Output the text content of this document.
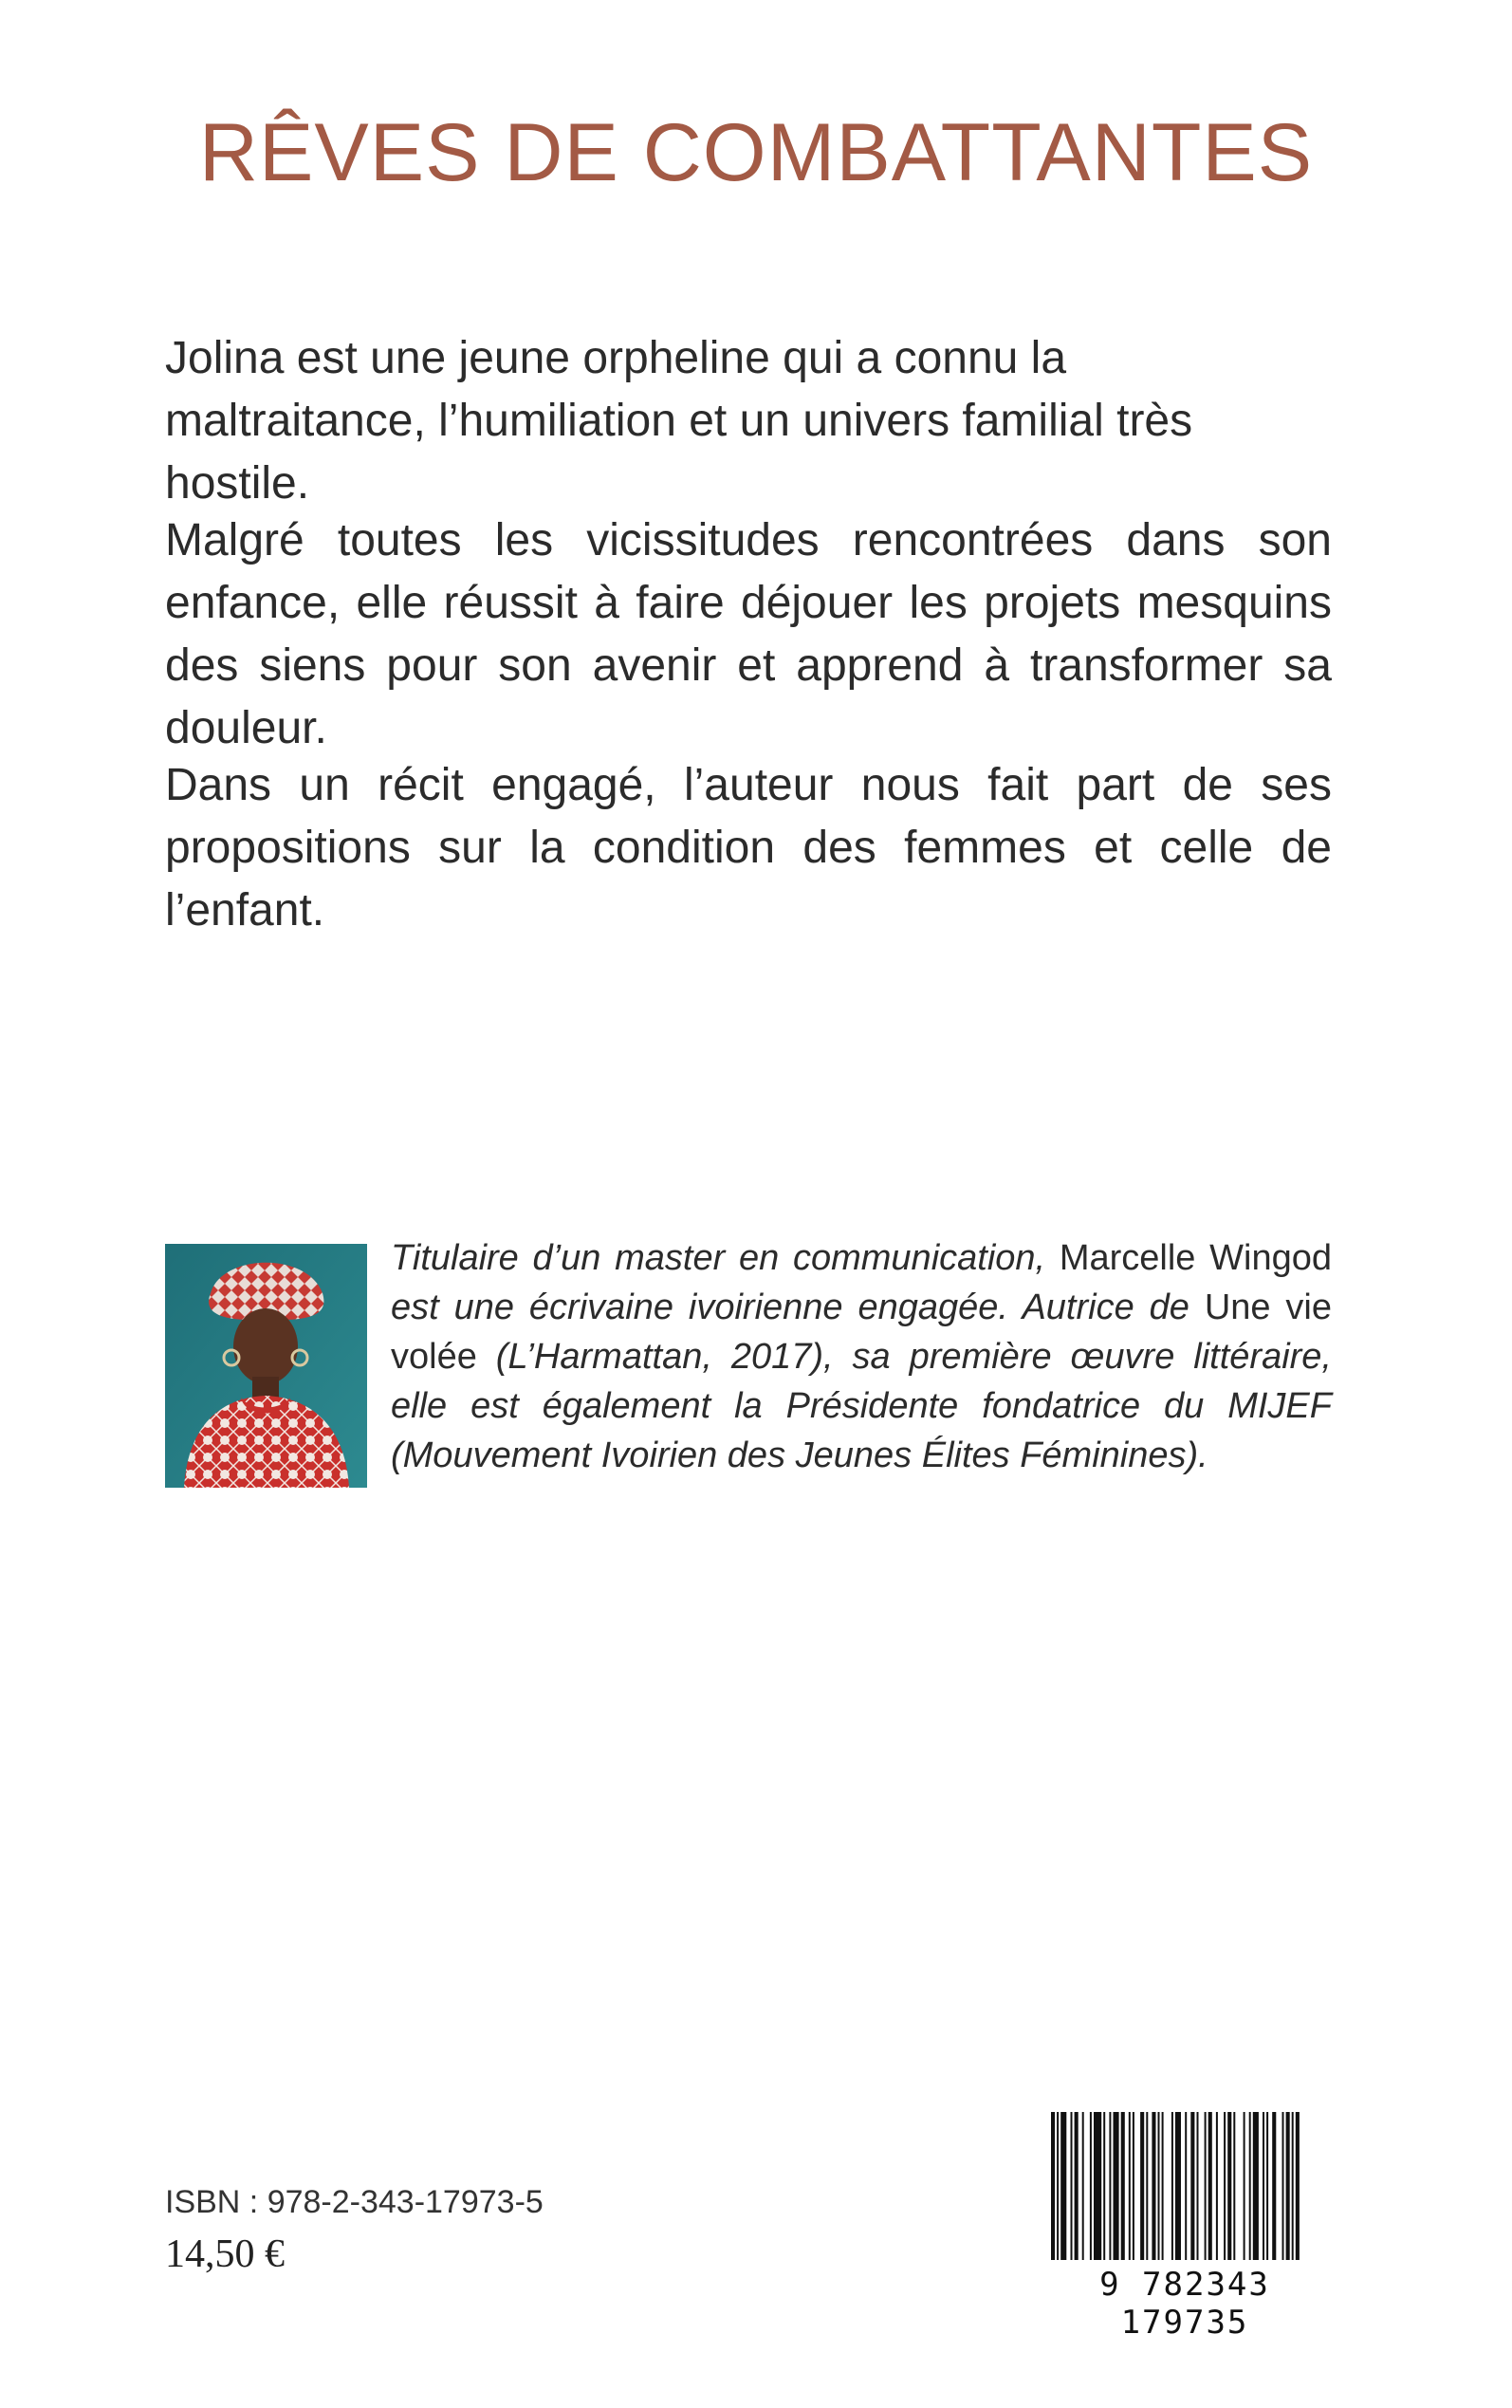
RÊVES DE COMBATTANTES

Jolina est une jeune orpheline qui a connu la maltraitance, l’humiliation et un univers familial très hostile.

Malgré toutes les vicissitudes rencontrées dans son enfance, elle réussit à faire déjouer les projets mesquins des siens pour son avenir et apprend à transformer sa douleur.

Dans un récit engagé, l’auteur nous fait part de ses propositions sur la condition des femmes et celle de l’enfant.

Titulaire d’un master en communication, Marcelle Wingod est une écrivaine ivoirienne engagée. Autrice de Une vie volée (L’Harmattan, 2017), sa première œuvre littéraire, elle est également la Présidente fondatrice du MIJEF (Mouvement Ivoirien des Jeunes Élites Féminines).

ISBN : 978-2-343-17973-5

14,50 €

9 782343 179735
